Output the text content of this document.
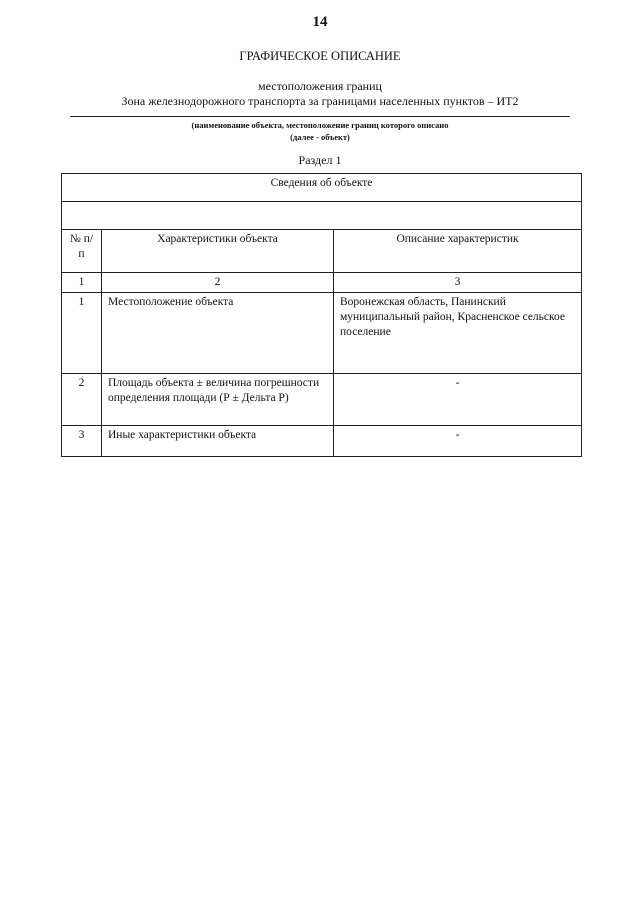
14
ГРАФИЧЕСКОЕ ОПИСАНИЕ
местоположения границ
Зона железнодорожного транспорта за границами населенных пунктов – ИТ2
(наименование объекта, местоположение границ которого описано
(далее - объект)
Раздел 1
Сведения об объекте		

№ п/п	Характеристики объекта	Описание характеристик
1	2	3
1	Местоположение объекта	Воронежская область, Панинский муниципальный район, Красненское сельское поселение
2	Площадь объекта ± величина погрешности определения площади (Р ± Дельта Р)	-
3	Иные характеристики объекта	-
